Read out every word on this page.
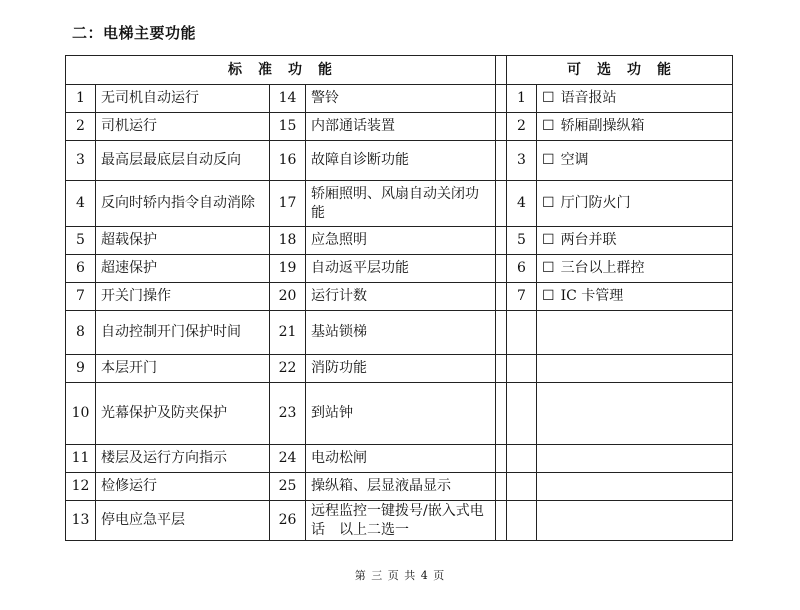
二：电梯主要功能
标　准　功　能					可　选　功　能	
1	无司机自动运行	14	警铃		1	☐ 语音报站
2	司机运行	15	内部通话装置		2	☐ 轿厢副操纵箱
3	最高层最底层自动反向	16	故障自诊断功能		3	☐ 空调
4	反向时轿内指令自动消除	17	轿厢照明、风扇自动关闭功能		4	☐ 厅门防火门
5	超载保护	18	应急照明		5	☐ 两台并联
6	超速保护	19	自动返平层功能		6	☐ 三台以上群控
7	开关门操作	20	运行计数		7	☐ IC 卡管理
8	自动控制开门保护时间	21	基站锁梯			
9	本层开门	22	消防功能			
10	光幕保护及防夹保护	23	到站钟			
11	楼层及运行方向指示	24	电动松闸			
12	检修运行	25	操纵箱、层显液晶显示			
13	停电应急平层	26	远程监控一键拨号/嵌入式电话　以上二选一			
第 三 页 共 4 页
